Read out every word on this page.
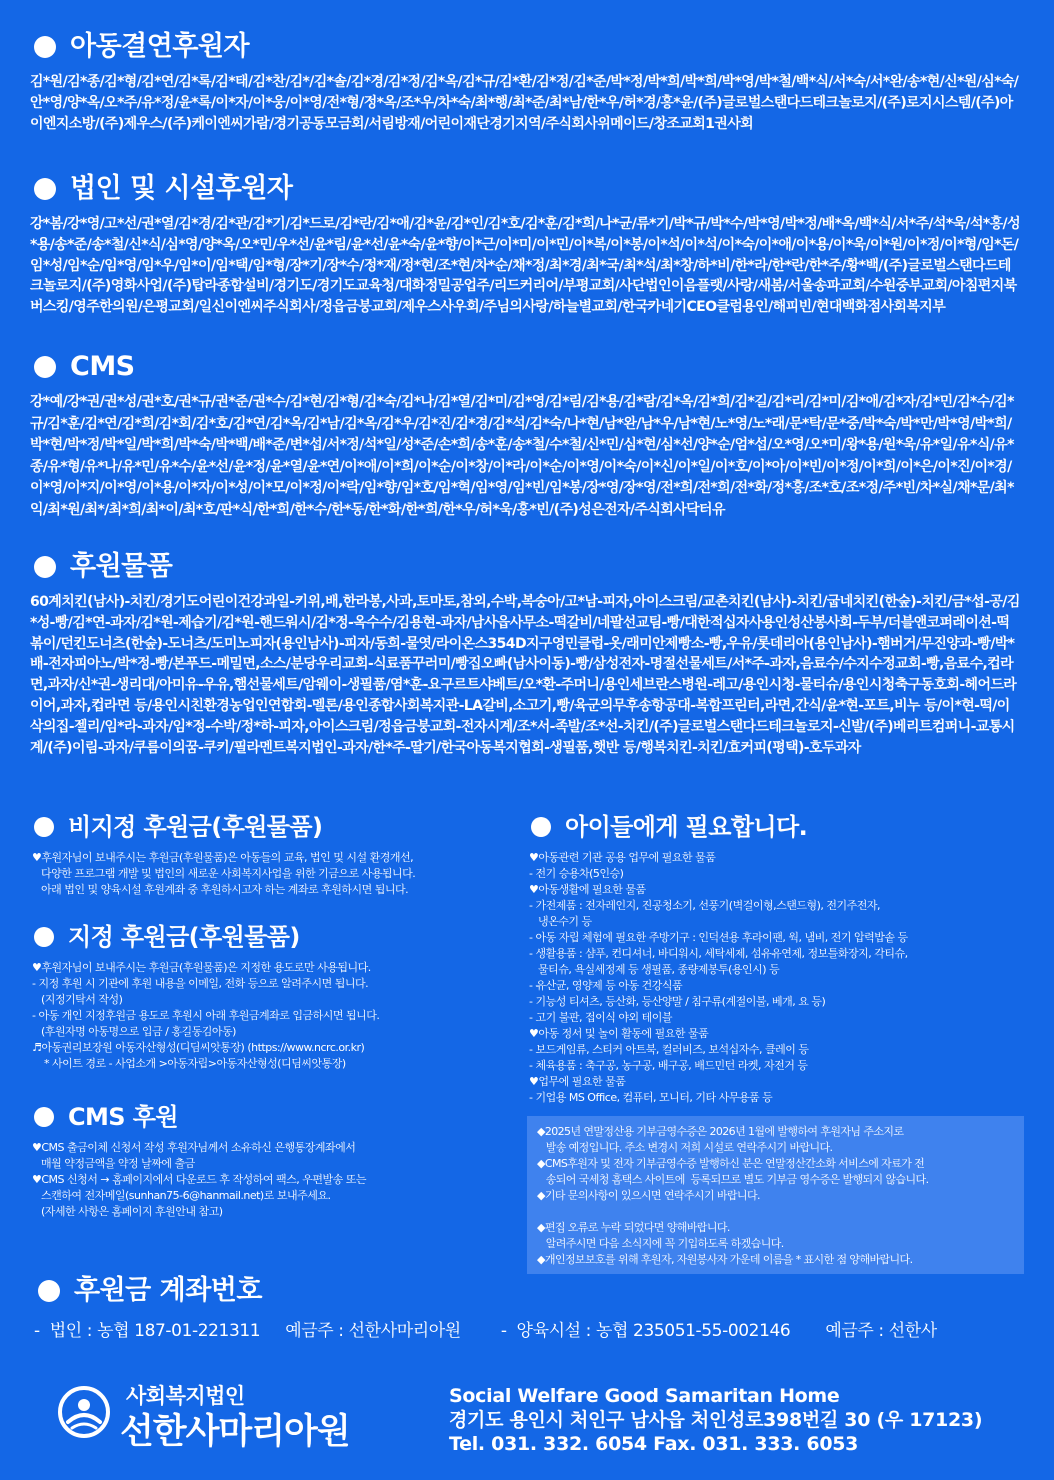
아동결연후원자
김*원/김*종/김*형/김*연/김*록/김*태/김*찬/김*/김*솔/김*경/김*정/김*옥/김*규/김*환/김*정/김*준/박*정/박*희/박*희/박*영/박*철/백*식/서*숙/서*완/송*현/신*원/심*숙/안*영/양*옥/오*주/유*정/윤*록/이*자/이*웅/이*영/전*형/정*옥/조*우/차*숙/최*행/최*준/최*남/한*우/허*경/홍*윤/(주)글로벌스탠다드테크놀로지/(주)로지시스템/(주)아이엔지소방/(주)제우스/(주)케이엔씨가람/경기공동모금회/서림방재/어린이재단경기지역/주식회사위메이드/창조교회1권사회
법인 및 시설후원자
강*봄/강*영/고*선/권*열/김*경/김*관/김*기/김*드로/김*란/김*애/김*윤/김*인/김*호/김*훈/김*희/나*균/류*기/박*규/박*수/박*영/박*정/배*옥/백*식/서*주/석*욱/석*홍/성*용/송*준/송*철/신*식/심*영/양*옥/오*민/우*선/윤*림/윤*선/윤*숙/윤*향/이*근/이*미/이*민/이*복/이*봉/이*석/이*석/이*숙/이*애/이*용/이*욱/이*원/이*정/이*형/임*돈/임*성/임*순/임*영/임*우/임*이/임*택/임*형/장*기/장*수/정*재/정*현/조*현/차*순/채*정/최*경/최*국/최*석/최*창/하*비/한*라/한*란/한*주/황*백/(주)글로벌스탠다드테크놀로지/(주)영화사업/(주)탑라종합설비/경기도/경기도교육청/대화정밀공업주/리드커리어/부평교회/사단법인이음플랫/사랑/새봄/서울송파교회/수원중부교회/아침편지북버스킹/영주한의원/은평교회/일신이엔씨주식회사/정읍금붕교회/제우스사우회/주님의사랑/하늘별교회/한국카네기CEO클럽용인/해피빈/현대백화점사회복지부
CMS
강*예/강*권/권*성/권*호/권*규/권*준/권*수/김*현/김*형/김*숙/김*나/김*열/김*미/김*영/김*림/김*용/김*람/김*옥/김*희/김*길/김*리/김*미/김*애/김*자/김*민/김*수/김*규/김*훈/김*연/김*희/김*회/김*호/김*연/김*옥/김*남/김*옥/김*우/김*진/김*경/김*석/김*숙/나*현/남*완/남*우/남*현/노*영/노*래/문*탁/문*중/박*숙/박*만/박*영/박*희/박*현/박*정/박*일/박*희/박*숙/박*백/배*준/변*섭/서*정/석*일/성*준/손*희/송*훈/송*철/수*철/신*민/심*현/심*선/양*순/엄*섭/오*영/오*미/왕*용/원*욱/유*일/유*식/유*종/유*형/유*나/유*민/유*수/윤*선/윤*정/윤*열/윤*연/이*애/이*희/이*순/이*창/이*라/이*순/이*영/이*숙/이*신/이*일/이*호/이*아/이*빈/이*정/이*희/이*은/이*진/이*경/이*영/이*지/이*영/이*용/이*자/이*성/이*모/이*정/이*락/임*향/임*호/임*혁/임*영/임*빈/임*봉/장*영/장*영/전*희/전*희/전*화/정*홍/조*호/조*정/주*빈/차*실/채*문/최*익/최*원/최*/최*희/최*이/최*호/판*식/한*희/한*수/한*동/한*화/한*희/한*우/허*욱/홍*빈/(주)성은전자/주식회사닥터유
후원물품
60계치킨(남사)-치킨/경기도어린이건강과일-키위,배,한라봉,사과,토마토,참외,수박,복숭아/고*남-피자,아이스크림/교촌치킨(남사)-치킨/굽네치킨(한숲)-치킨/금*섭-공/김*성-빵/김*연-과자/김*원-제습기/김*원-핸드워시/김*정-옥수수/김용현-과자/남사읍사무소-떡갈비/네팔선교팀-빵/대한적십자사용인성산봉사회-두부/더블앤코퍼레이션-떡볶이/던킨도너츠(한숲)-도너츠/도미노피자(용인남사)-피자/동희-물엿/라이온스354D지구영민클럽-옷/래미안제빵소-빵,우유/롯데리아(용인남사)-햄버거/무진양과-빵/박*배-전자피아노/박*정-빵/본푸드-메밀면,소스/분당우리교회-식료품꾸러미/빵집오빠(남사이동)-빵/삼성전자-명절선물세트/서*주-과자,음료수/수지수정교회-빵,음료수,컵라면,과자/신*권-생리대/아미유-우유,햄선물세트/암웨이-생필품/염*훈-요구르트샤베트/오*환-주머니/용인세브란스병원-레고/용인시청-물티슈/용인시청축구동호회-헤어드라이어,과자,컵라면 등/용인시친환경농업인연합회-멜론/용인종합사회복지관-LA갈비,소고기,빵/육군의무후송항공대-복합프린터,라면,간식/윤*현-포트,비누 등/이*현-떡/이삭의집-젤리/임*라-과자/임*정-수박/정*하-피자,아이스크림/정읍금붕교회-전자시계/조*서-족발/조*선-치킨/(주)글로벌스탠다드테크놀로지-신발/(주)베리트컴퍼니-교통시계/(주)이림-과자/쿠름이의꿈-쿠키/필라멘트복지법인-과자/한*주-딸기/한국아동복지협회-생필품,햇반 등/행복치킨-치킨/효커피(평택)-호두과자
비지정 후원금(후원물품)
♥후원자님이 보내주시는 후원금(후원물품)은 아동들의 교육, 법인 및 시설 환경개선,
다양한 프로그램 개발 및 법인의 새로운 사회복지사업을 위한 기금으로 사용됩니다.
아래 법인 및 양육시설 후원계좌 중 후원하시고자 하는 계좌로 후원하시면 됩니다.
지정 후원금(후원물품)
♥후원자님이 보내주시는 후원금(후원물품)은 지정한 용도로만 사용됩니다.
- 지정 후원 시 기관에 후원 내용을 이메일, 전화 등으로 알려주시면 됩니다.
(지정기탁서 작성)
- 아동 개인 지정후원금 용도로 후원시 아래 후원금계좌로 입금하시면 됩니다.
(후원자명 아동명으로 입금 / 홍길동김아동)
♬아동권리보장원 아동자산형성(디딤씨앗통장) (https://www.ncrc.or.kr)
* 사이트 경로 - 사업소개 >아동자립>아동자산형성(디딤씨앗통장)
CMS 후원
♥CMS 출금이체 신청서 작성 후원자님께서 소유하신 은행통장계좌에서
매월 약정금액을 약정 날짜에 출금
♥CMS 신청서 → 홈페이지에서 다운로드 후 작성하여 팩스, 우편발송 또는
스캔하여 전자메일(sunhan75-6@hanmail.net)로 보내주세요.
(자세한 사항은 홈페이지 후원안내 참고)
아이들에게 필요합니다.
♥아동관련 기관 공용 업무에 필요한 물품
- 전기 승용차(5인승)
♥아동생활에 필요한 물품
- 가전제품 : 전자레인지, 진공청소기, 선풍기(벽걸이형,스탠드형), 전기주전자,
냉온수기 등
- 아동 자립 체험에 필요한 주방기구 : 인덕션용 후라이팬, 웍, 냄비, 전기 압력밥솥 등
- 생활용품 : 샴푸, 컨디셔너, 바디워시, 세탁세제, 섬유유연제, 정보틀화장지, 각티슈,
물티슈, 욕실세정제 등 생필품, 종량제봉투(용인시) 등
- 유산균, 영양제 등 아동 건강식품
- 기능성 티셔츠, 등산화, 등산양말 / 침구류(계절이불, 베개, 요 등)
- 고기 불판, 접이식 야외 테이블
♥아동 정서 및 놀이 활동에 필요한 물품
- 보드게임류, 스티커 아트북, 컬러비즈, 보석십자수, 클레이 등
- 체육용품 : 축구공, 농구공, 배구공, 배드민턴 라켓, 자전거 등
♥업무에 필요한 물품
- 기업용 MS Office, 컴퓨터, 모니터, 기타 사무용품 등
◆2025년 연말정산용 기부금영수증은 2026년 1월에 발행하여 후원자님 주소지로
발송 예정입니다. 주소 변경시 저희 시설로 연락주시기 바랍니다.
◆CMS후원자 및 전자 기부금영수증 발행하신 분은 연말정산간소화 서비스에 자료가 전
송되어 국세청 홈택스 사이트에  등록되므로 별도 기부금 영수증은 발행되지 않습니다.
◆기타 문의사항이 있으시면 연락주시기 바랍니다.

◆편집 오류로 누락 되었다면 양해바랍니다.
알려주시면 다음 소식지에 꼭 기입하도록 하겠습니다.
◆개인정보보호를 위해 후원자, 자원봉사자 가운데 이름을 * 표시한 점 양해바랍니다.
후원금 계좌번호
-  법인 : 농협 187-01-221311     예금주 : 선한사마리아원        -  양육시설 : 농협 235051-55-002146       예금주 : 선한사
사회복지법인
선한사마리아원
Social Welfare Good Samaritan Home
경기도 용인시 처인구 남사읍 처인성로398번길 30 (우 17123)
Tel. 031. 332. 6054 Fax. 031. 333. 6053
